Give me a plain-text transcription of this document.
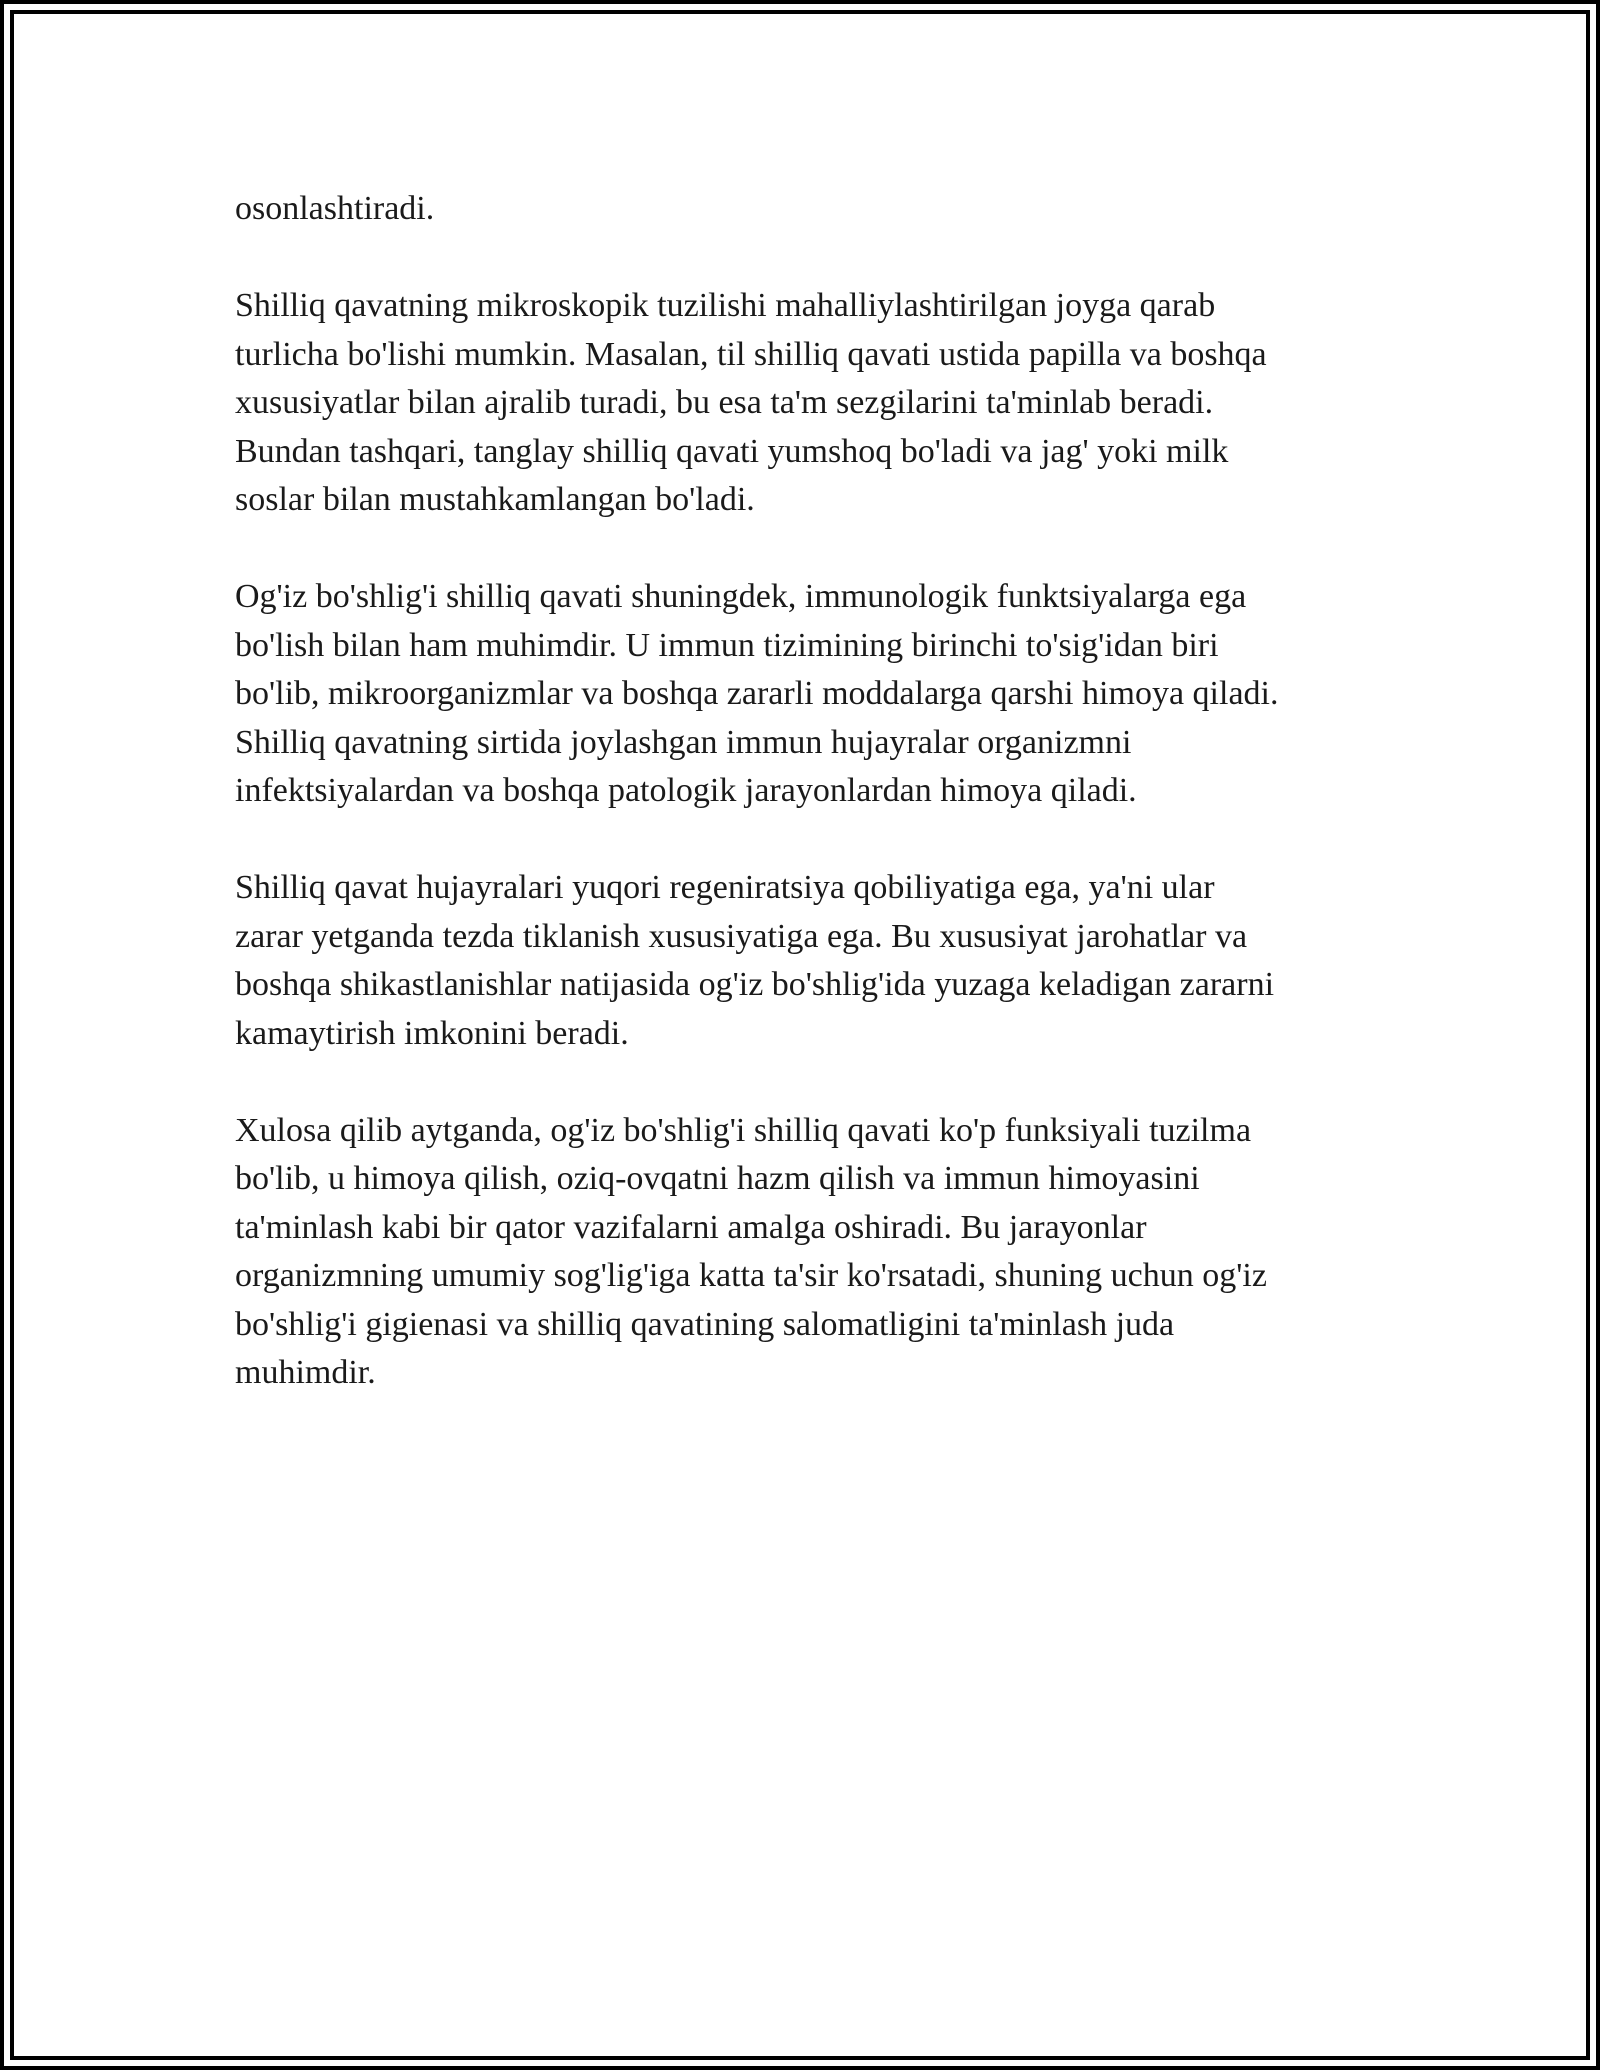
osonlashtiradi.

Shilliq qavatning mikroskopik tuzilishi mahalliylashtirilgan joyga qarab
turlicha bo'lishi mumkin. Masalan, til shilliq qavati ustida papilla va boshqa
xususiyatlar bilan ajralib turadi, bu esa ta'm sezgilarini ta'minlab beradi.
Bundan tashqari, tanglay shilliq qavati yumshoq bo'ladi va jag' yoki milk
soslar bilan mustahkamlangan bo'ladi.

Og'iz bo'shlig'i shilliq qavati shuningdek, immunologik funktsiyalarga ega
bo'lish bilan ham muhimdir. U immun tizimining birinchi to'sig'idan biri
bo'lib, mikroorganizmlar va boshqa zararli moddalarga qarshi himoya qiladi.
Shilliq qavatning sirtida joylashgan immun hujayralar organizmni
infektsiyalardan va boshqa patologik jarayonlardan himoya qiladi.

Shilliq qavat hujayralari yuqori regeniratsiya qobiliyatiga ega, ya'ni ular
zarar yetganda tezda tiklanish xususiyatiga ega. Bu xususiyat jarohatlar va
boshqa shikastlanishlar natijasida og'iz bo'shlig'ida yuzaga keladigan zararni
kamaytirish imkonini beradi.

Xulosa qilib aytganda, og'iz bo'shlig'i shilliq qavati ko'p funksiyali tuzilma
bo'lib, u himoya qilish, oziq-ovqatni hazm qilish va immun himoyasini
ta'minlash kabi bir qator vazifalarni amalga oshiradi. Bu jarayonlar
organizmning umumiy sog'lig'iga katta ta'sir ko'rsatadi, shuning uchun og'iz
bo'shlig'i gigienasi va shilliq qavatining salomatligini ta'minlash juda
muhimdir.
